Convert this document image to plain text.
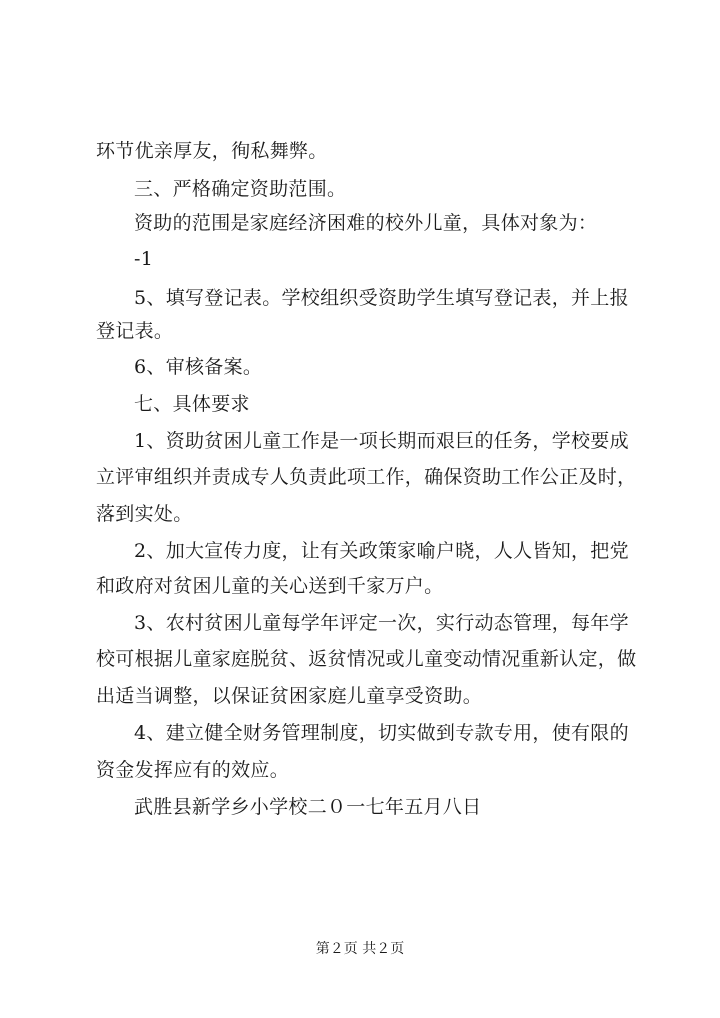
环节优亲厚友，徇私舞弊。
三、严格确定资助范围。
资助的范围是家庭经济困难的校外儿童，具体对象为：
-1
5、填写登记表。学校组织受资助学生填写登记表，并上报
登记表。
6、审核备案。
七、具体要求
1、资助贫困儿童工作是一项长期而艰巨的任务，学校要成
立评审组织并责成专人负责此项工作，确保资助工作公正及时，
落到实处。
2、加大宣传力度，让有关政策家喻户晓，人人皆知，把党
和政府对贫困儿童的关心送到千家万户。
3、农村贫困儿童每学年评定一次，实行动态管理，每年学
校可根据儿童家庭脱贫、返贫情况或儿童变动情况重新认定，做
出适当调整，以保证贫困家庭儿童享受资助。
4、建立健全财务管理制度，切实做到专款专用，使有限的
资金发挥应有的效应。
武胜县新学乡小学校二０一七年五月八日
第２页 共２页
